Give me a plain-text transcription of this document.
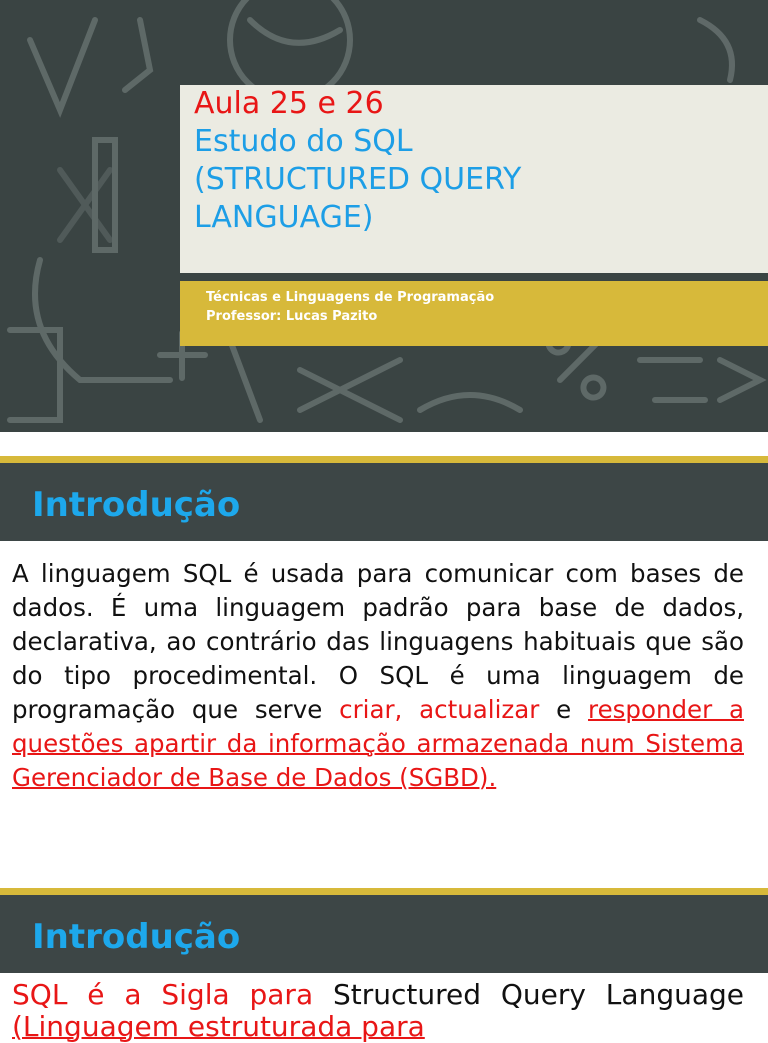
Aula 25 e 26
Estudo do SQL
(STRUCTURED QUERY
LANGUAGE)
Técnicas e Linguagens de Programação
Professor: Lucas Pazito
Introdução
A linguagem SQL é usada para comunicar com bases de dados. É uma linguagem padrão para base de dados, declarativa, ao contrário das linguagens habituais que são do tipo procedimental. O SQL é uma linguagem de programação que serve criar, actualizar e responder a questões apartir da informação armazenada num Sistema Gerenciador de Base de Dados (SGBD).
Introdução
SQL é a Sigla para Structured Query Language (Linguagem estruturada para
